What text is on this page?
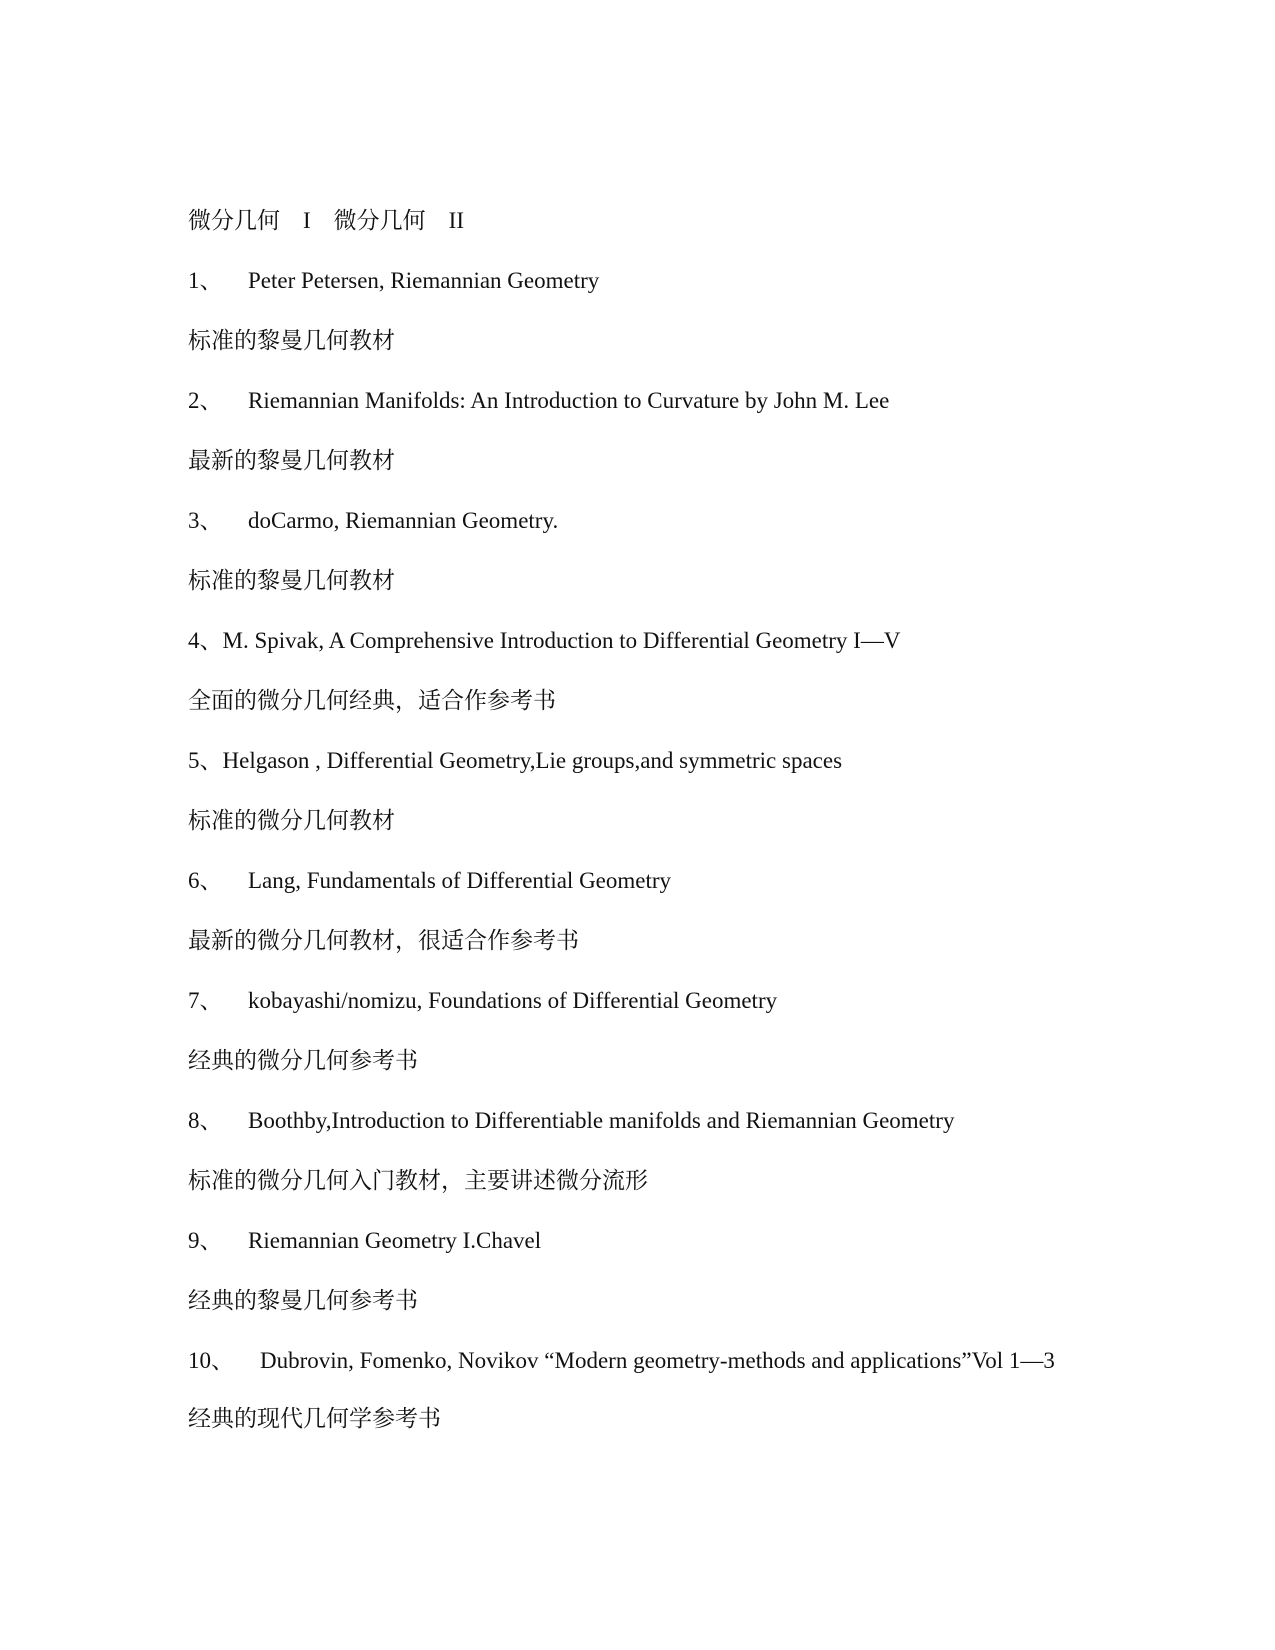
微分几何　I　微分几何　II
1、 Peter Petersen, Riemannian Geometry
标准的黎曼几何教材
2、 Riemannian Manifolds: An Introduction to Curvature by John M. Lee
最新的黎曼几何教材
3、 doCarmo, Riemannian Geometry.
标准的黎曼几何教材
4、M. Spivak, A Comprehensive Introduction to Differential Geometry I—V
全面的微分几何经典，适合作参考书
5、Helgason , Differential Geometry,Lie groups,and symmetric spaces
标准的微分几何教材
6、 Lang, Fundamentals of Differential Geometry
最新的微分几何教材，很适合作参考书
7、 kobayashi/nomizu, Foundations of Differential Geometry
经典的微分几何参考书
8、 Boothby,Introduction to Differentiable manifolds and Riemannian Geometry
标准的微分几何入门教材，主要讲述微分流形
9、 Riemannian Geometry I.Chavel
经典的黎曼几何参考书
10、 Dubrovin, Fomenko, Novikov “Modern geometry-methods and applications”Vol 1—3
经典的现代几何学参考书
